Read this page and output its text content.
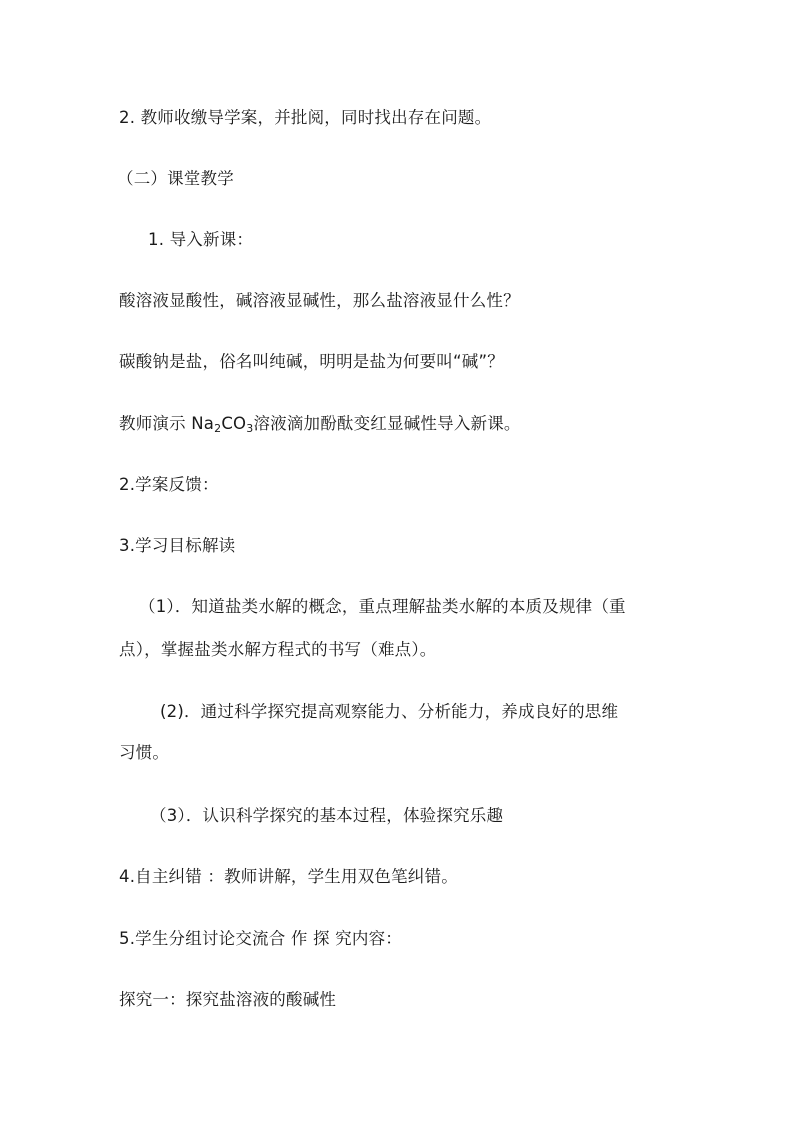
2. 教师收缴导学案，并批阅，同时找出存在问题。
（二）课堂教学
1. 导入新课：
酸溶液显酸性，碱溶液显碱性，那么盐溶液显什么性？
碳酸钠是盐，俗名叫纯碱，明明是盐为何要叫“碱”？
教师演示 $Na_2CO_3$溶液滴加酚酞变红显碱性导入新课。
2.学案反馈：
3.学习目标解读
（1）．知道盐类水解的概念，重点理解盐类水解的本质及规律（重
点），掌握盐类水解方程式的书写（难点）。
(2)．通过科学探究提高观察能力、分析能力，养成良好的思维
习惯。
（3）．认识科学探究的基本过程，体验探究乐趣
4.自主纠错 ：教师讲解，学生用双色笔纠错。
5.学生分组讨论交流合 作 探 究内容：
探究一：探究盐溶液的酸碱性
